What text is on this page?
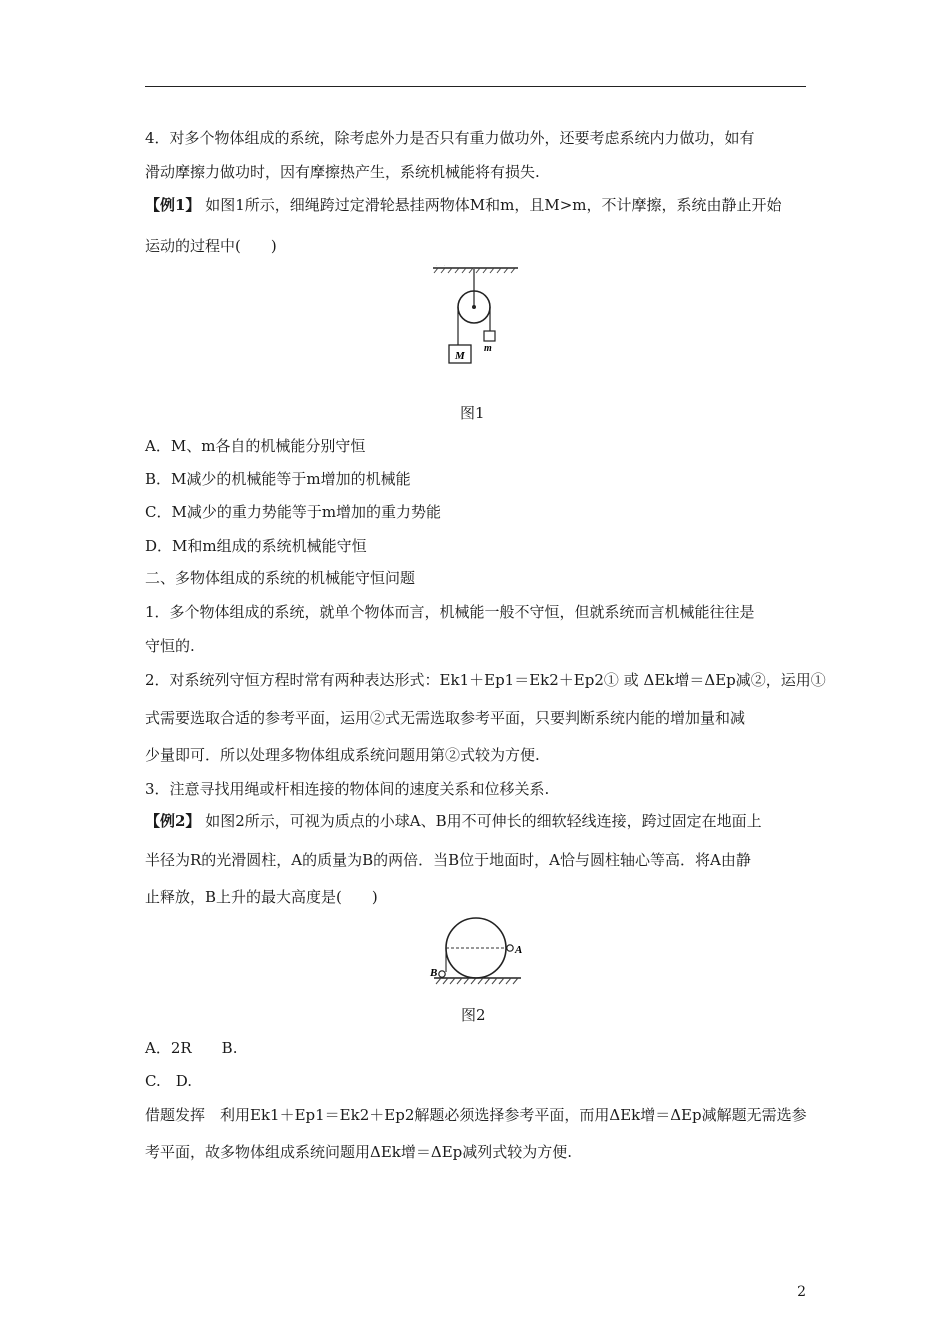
4．对多个物体组成的系统，除考虑外力是否只有重力做功外，还要考虑系统内力做功，如有
滑动摩擦力做功时，因有摩擦热产生，系统机械能将有损失.
【例1】 如图1所示，细绳跨过定滑轮悬挂两物体M和m，且M>m，不计摩擦，系统由静止开始
运动的过程中(　　)
M
m
图1
A．M、m各自的机械能分别守恒
B．M减少的机械能等于m增加的机械能
C．M减少的重力势能等于m增加的重力势能
D．M和m组成的系统机械能守恒
二、多物体组成的系统的机械能守恒问题
1．多个物体组成的系统，就单个物体而言，机械能一般不守恒，但就系统而言机械能往往是
守恒的.
2．对系统列守恒方程时常有两种表达形式：Ek1＋Ep1＝Ek2＋Ep2① 或 ΔEk增＝ΔEp减②，运用①
式需要选取合适的参考平面，运用②式无需选取参考平面，只要判断系统内能的增加量和减
少量即可．所以处理多物体组成系统问题用第②式较为方便.
3．注意寻找用绳或杆相连接的物体间的速度关系和位移关系.
【例2】 如图2所示，可视为质点的小球A、B用不可伸长的细软轻线连接，跨过固定在地面上
半径为R的光滑圆柱，A的质量为B的两倍．当B位于地面时，A恰与圆柱轴心等高．将A由静
止释放，B上升的最大高度是(　　)
A
B
图2
A．2R　　B.
C.　D.
借题发挥　利用Ek1＋Ep1＝Ek2＋Ep2解题必须选择参考平面，而用ΔEk增＝ΔEp减解题无需选参
考平面，故多物体组成系统问题用ΔEk增＝ΔEp减列式较为方便.
2
